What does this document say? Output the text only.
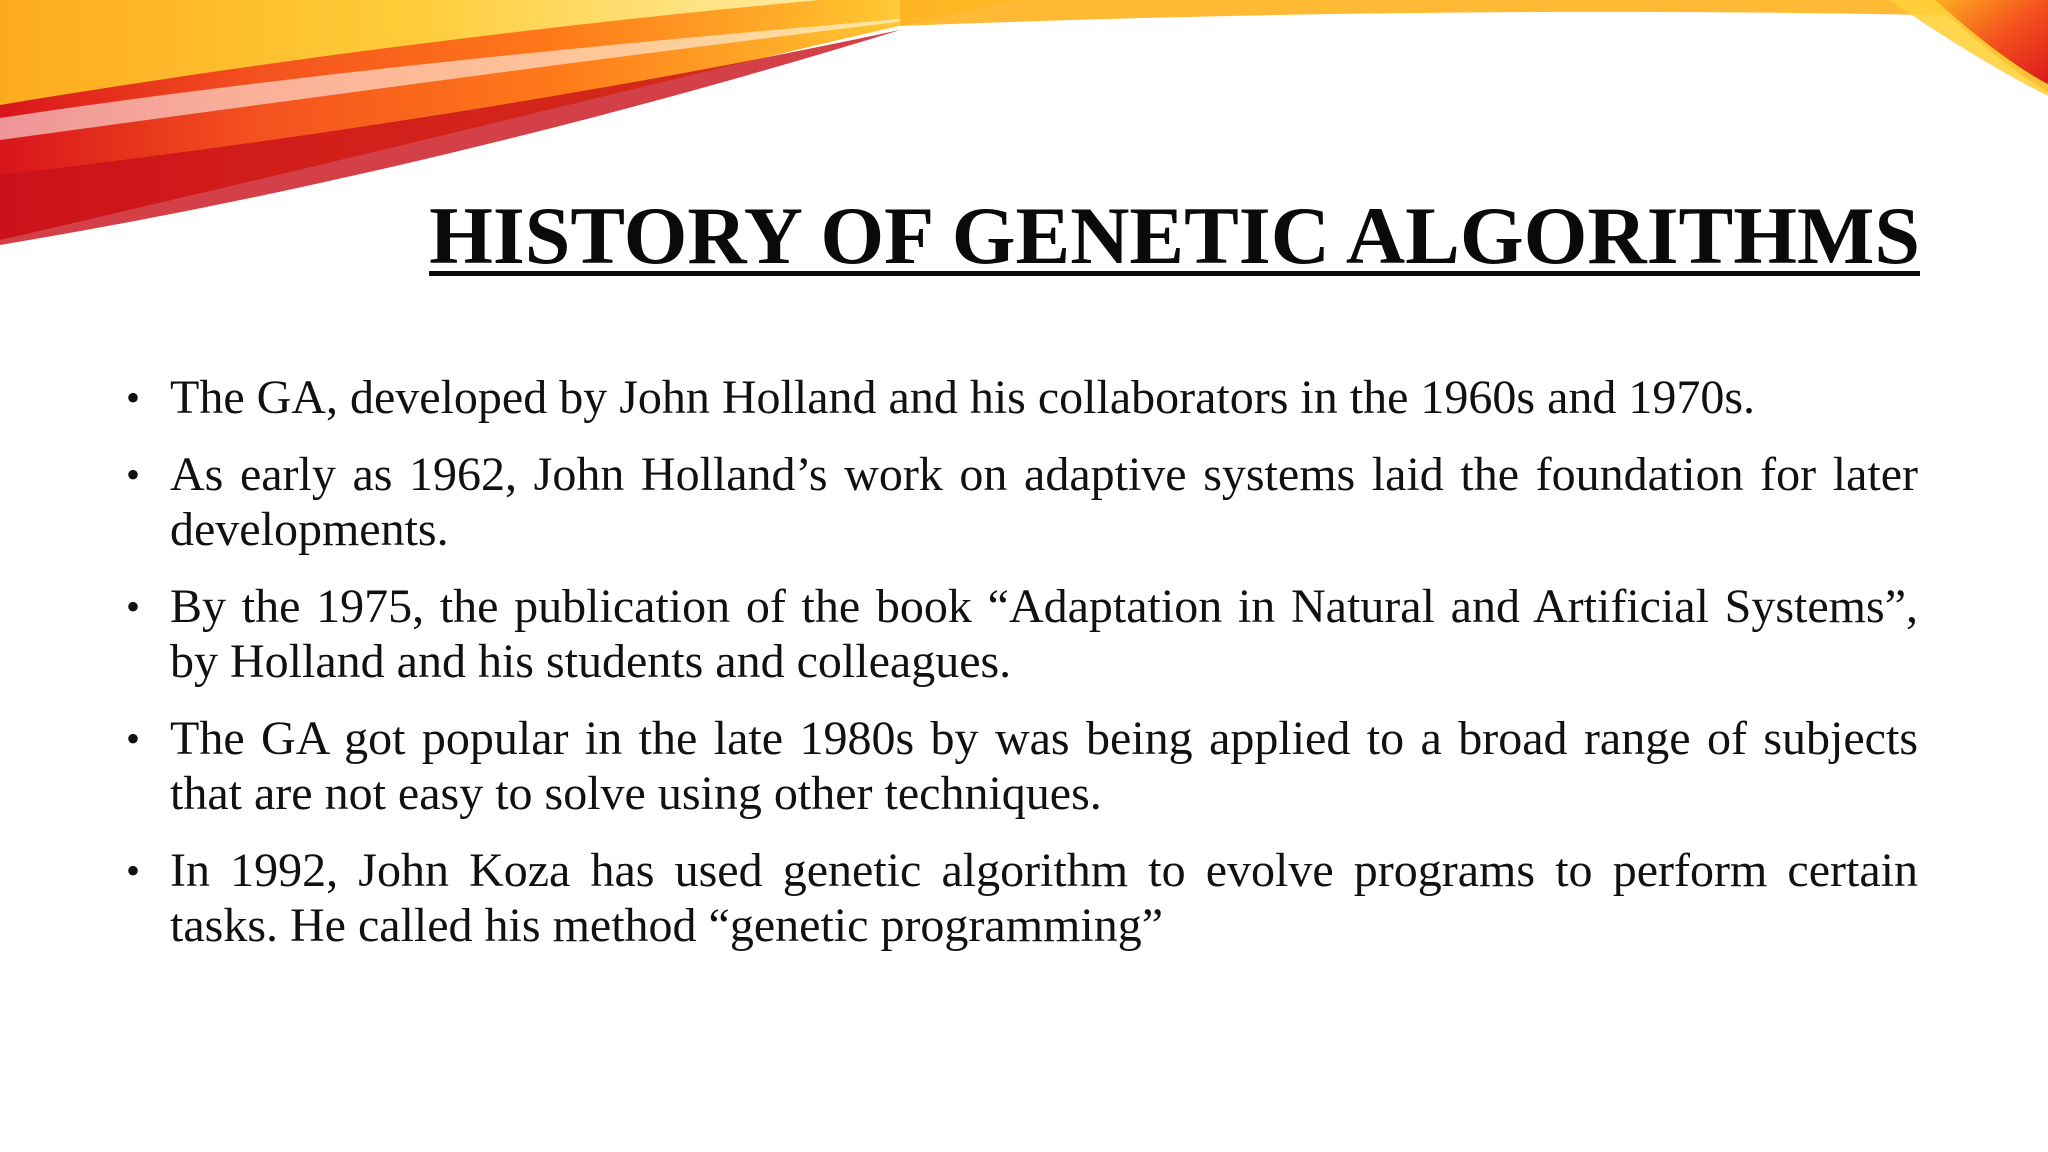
HISTORY OF GENETIC ALGORITHMS
• The GA, developed by John Holland and his collaborators in the 1960s and 1970s.
• As early as 1962, John Holland’s work on adaptive systems laid the foundation for later developments.
• By the 1975, the publication of the book “Adaptation in Natural and Artificial Systems”, by Holland and his students and colleagues.
• The GA got popular in the late 1980s by was being applied to a broad range of subjects that are not easy to solve using other techniques.
• In 1992, John Koza has used genetic algorithm to evolve programs to perform certain tasks. He called his method “genetic programming”
